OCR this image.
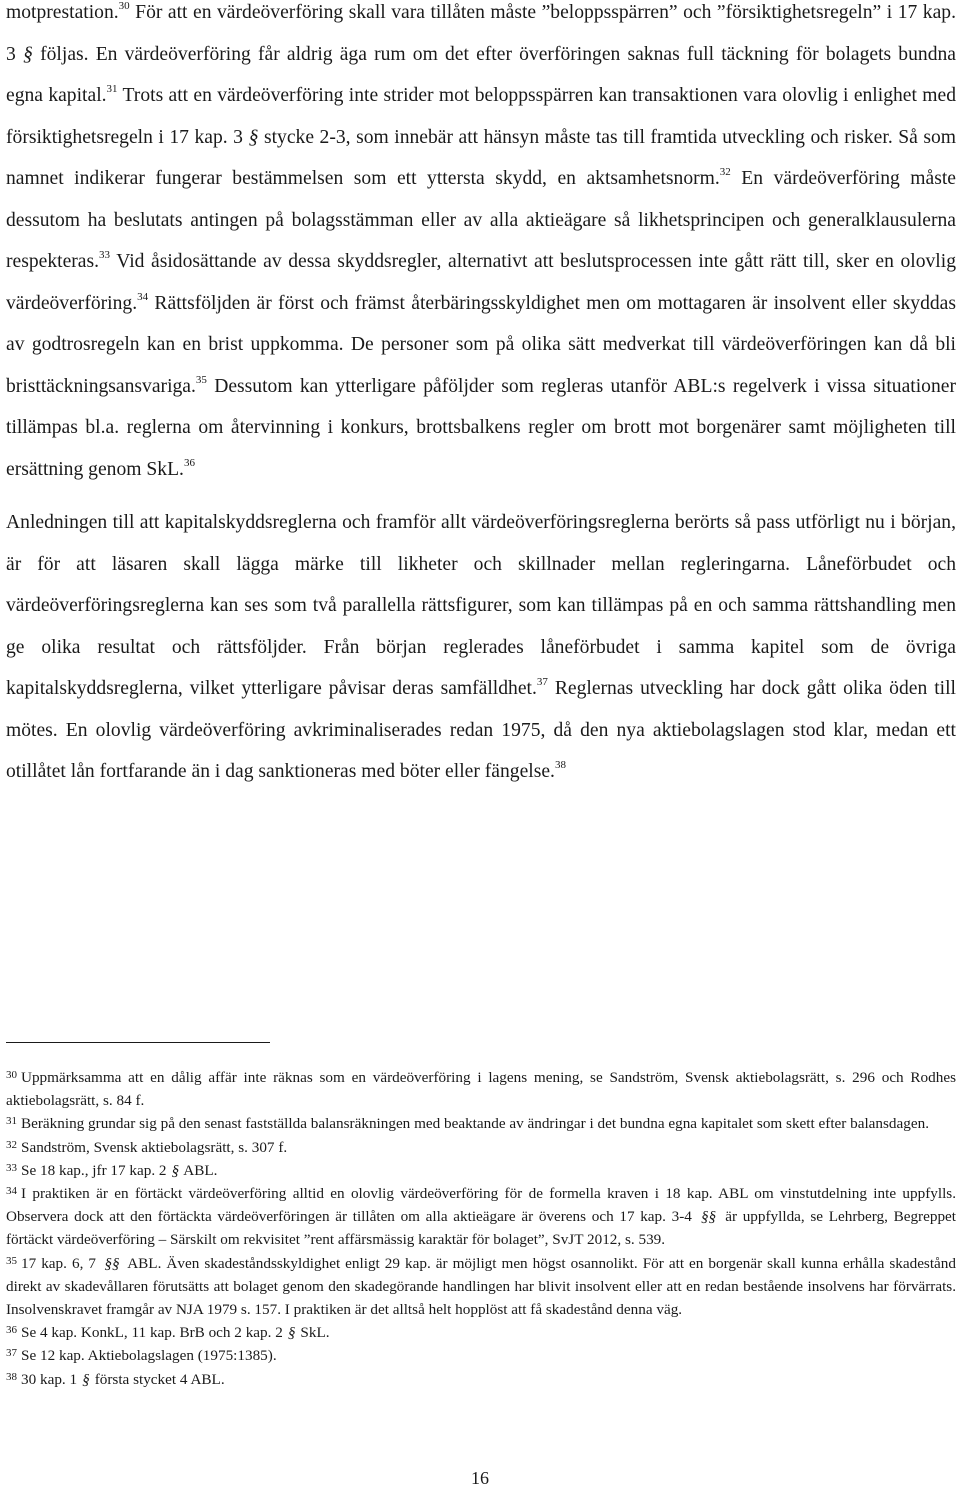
motprestation.$^{30}$ För att en värdeöverföring skall vara tillåten måste ”beloppsspärren” och ”försiktighetsregeln” i 17 kap. 3 § följas. En värdeöverföring får aldrig äga rum om det efter överföringen saknas full täckning för bolagets bundna egna kapital.$^{31}$ Trots att en värdeöverföring inte strider mot beloppsspärren kan transaktionen vara olovlig i enlighet med försiktighetsregeln i 17 kap. 3 § stycke 2-3, som innebär att hänsyn måste tas till framtida utveckling och risker. Så som namnet indikerar fungerar bestämmelsen som ett yttersta skydd, en aktsamhetsnorm.$^{32}$ En värdeöverföring måste dessutom ha beslutats antingen på bolagsstämman eller av alla aktieägare så likhetsprincipen och generalklausulerna respekteras.$^{33}$ Vid åsidosättande av dessa skyddsregler, alternativt att beslutsprocessen inte gått rätt till, sker en olovlig värdeöverföring.$^{34}$ Rättsföljden är först och främst återbäringsskyldighet men om mottagaren är insolvent eller skyddas av godtrosregeln kan en brist uppkomma. De personer som på olika sätt medverkat till värdeöverföringen kan då bli bristtäckningsansvariga.$^{35}$ Dessutom kan ytterligare påföljder som regleras utanför ABL:s regelverk i vissa situationer tillämpas bl.a. reglerna om återvinning i konkurs, brottsbalkens regler om brott mot borgenärer samt möjligheten till ersättning genom SkL.$^{36}$

Anledningen till att kapitalskyddsreglerna och framför allt värdeöverföringsreglerna berörts så pass utförligt nu i början, är för att läsaren skall lägga märke till likheter och skillnader mellan regleringarna. Låneförbudet och värdeöverföringsreglerna kan ses som två parallella rättsfigurer, som kan tillämpas på en och samma rättshandling men ge olika resultat och rättsföljder. Från början reglerades låneförbudet i samma kapitel som de övriga kapitalskyddsreglerna, vilket ytterligare påvisar deras samfälldhet.$^{37}$ Reglernas utveckling har dock gått olika öden till mötes. En olovlig värdeöverföring avkriminaliserades redan 1975, då den nya aktiebolagslagen stod klar, medan ett otillåtet lån fortfarande än i dag sanktioneras med böter eller fängelse.$^{38}$

$^{30}$ Uppmärksamma att en dålig affär inte räknas som en värdeöverföring i lagens mening, se Sandström, Svensk aktiebolagsrätt, s. 296 och Rodhes aktiebolagsrätt, s. 84 f.

$^{31}$ Beräkning grundar sig på den senast fastställda balansräkningen med beaktande av ändringar i det bundna egna kapitalet som skett efter balansdagen.

$^{32}$ Sandström, Svensk aktiebolagsrätt, s. 307 f.

$^{33}$ Se 18 kap., jfr 17 kap. 2 § ABL.

$^{34}$ I praktiken är en förtäckt värdeöverföring alltid en olovlig värdeöverföring för de formella kraven i 18 kap. ABL om vinstutdelning inte uppfylls. Observera dock att den förtäckta värdeöverföringen är tillåten om alla aktieägare är överens och 17 kap. 3-4 §§ är uppfyllda, se Lehrberg, Begreppet förtäckt värdeöverföring – Särskilt om rekvisitet ”rent affärsmässig karaktär för bolaget”, SvJT 2012, s. 539.

$^{35}$ 17 kap. 6, 7 §§ ABL. Även skadeståndsskyldighet enligt 29 kap. är möjligt men högst osannolikt. För att en borgenär skall kunna erhålla skadestånd direkt av skadevållaren förutsätts att bolaget genom den skadegörande handlingen har blivit insolvent eller att en redan bestående insolvens har förvärrats. Insolvenskravet framgår av NJA 1979 s. 157. I praktiken är det alltså helt hopplöst att få skadestånd denna väg.

$^{36}$ Se 4 kap. KonkL, 11 kap. BrB och 2 kap. 2 § SkL.

$^{37}$ Se 12 kap. Aktiebolagslagen (1975:1385).

$^{38}$ 30 kap. 1 § första stycket 4 ABL.

16
